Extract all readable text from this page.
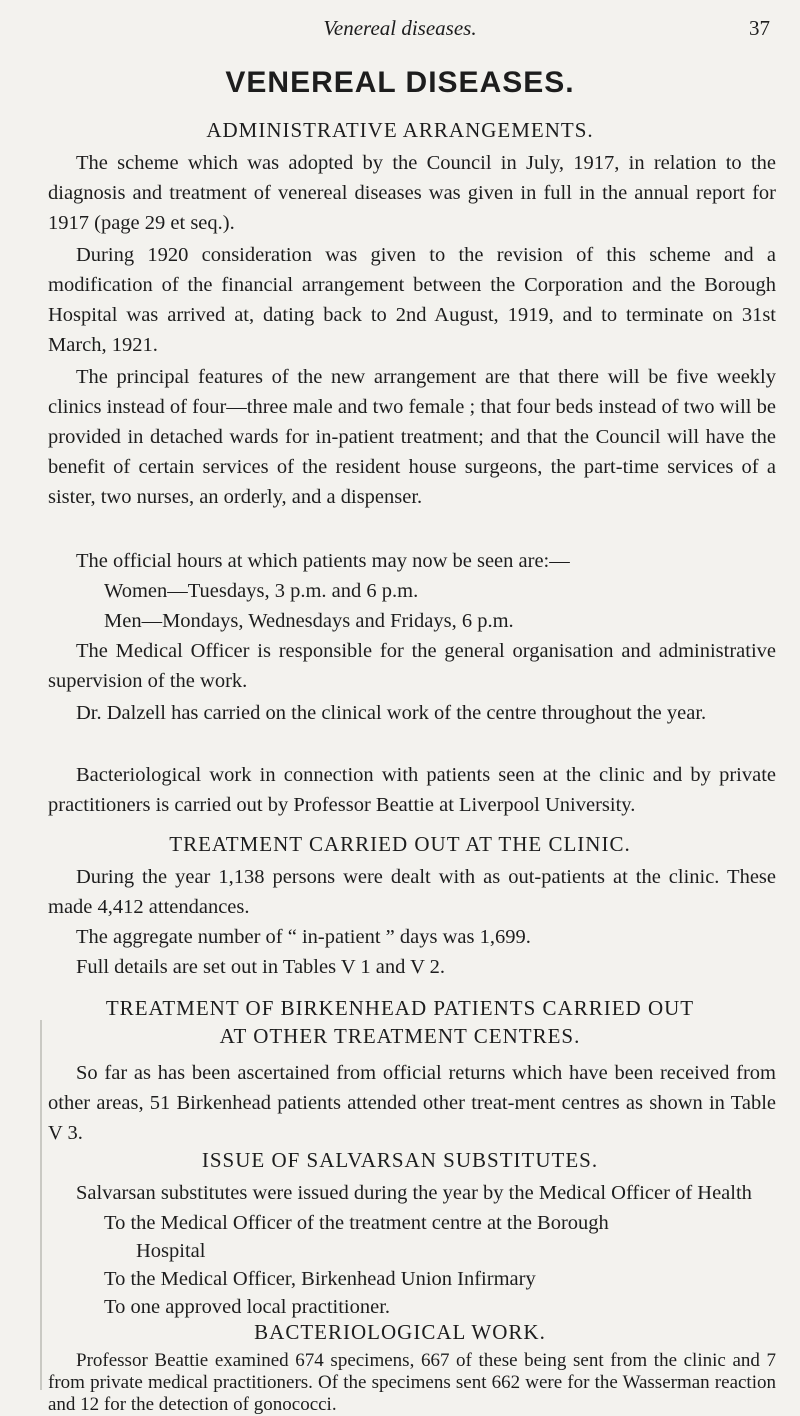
Venereal diseases.	37
VENEREAL DISEASES.
ADMINISTRATIVE ARRANGEMENTS.

The scheme which was adopted by the Council in July, 1917, in relation to the diagnosis and treatment of venereal diseases was given in full in the annual report for 1917 (page 29 et seq.).

During 1920 consideration was given to the revision of this scheme and a modification of the financial arrangement between the Corporation and the Borough Hospital was arrived at, dating back to 2nd August, 1919, and to terminate on 31st March, 1921.

The principal features of the new arrangement are that there will be five weekly clinics instead of four—three male and two female ; that four beds instead of two will be provided in detached wards for in-patient treatment; and that the Council will have the benefit of certain services of the resident house surgeons, the part-time services of a sister, two nurses, an orderly, and a dispenser.

The official hours at which patients may now be seen are:—

Women—Tuesdays, 3 p.m. and 6 p.m.

Men—Mondays, Wednesdays and Fridays, 6 p.m.

The Medical Officer is responsible for the general organisation and administrative supervision of the work.

Dr. Dalzell has carried on the clinical work of the centre throughout the year.

Bacteriological work in connection with patients seen at the clinic and by private practitioners is carried out by Professor Beattie at Liverpool University.

TREATMENT CARRIED OUT AT THE CLINIC.

During the year 1,138 persons were dealt with as out-patients at the clinic. These made 4,412 attendances.

The aggregate number of “ in-patient ” days was 1,699.

Full details are set out in Tables V 1 and V 2.

TREATMENT OF BIRKENHEAD PATIENTS CARRIED OUT
AT OTHER TREATMENT CENTRES.

So far as has been ascertained from official returns which have been received from other areas, 51 Birkenhead patients attended other treat-ment centres as shown in Table V 3.

ISSUE OF SALVARSAN SUBSTITUTES.

Salvarsan substitutes were issued during the year by the Medical Officer of Health

To the Medical Officer of the treatment centre at the Borough

Hospital

To the Medical Officer, Birkenhead Union Infirmary

To one approved local practitioner.

BACTERIOLOGICAL WORK.

Professor Beattie examined 674 specimens, 667 of these being sent from the clinic and 7 from private medical practitioners. Of the specimens sent 662 were for the Wasserman reaction and 12 for the detection of gonococci.
